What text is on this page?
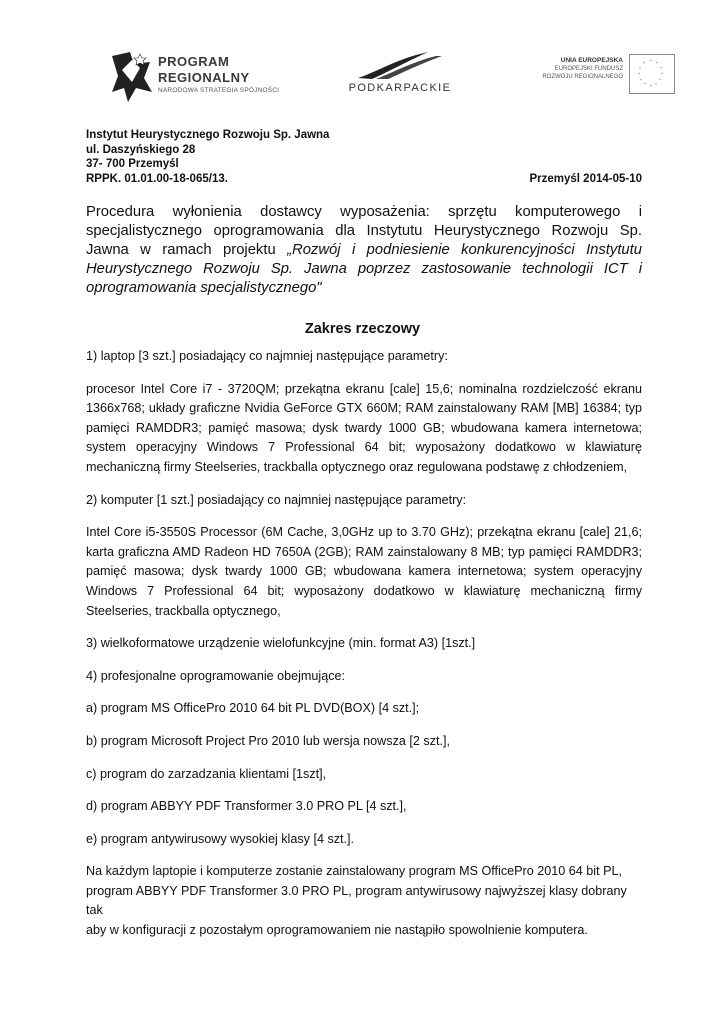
PROGRAM
REGIONALNY
NARODOWA STRATEGIA SPÓJNOŚCI	PODKARPACKIE
UNIA EUROPEJSKA
EUROPEJSKI FUNDUSZ
ROZWOJU REGIONALNEGO
* *
*
*
*
*
*
*
*
*
*
*
Instytut Heurystycznego Rozwoju Sp. Jawna
ul. Daszyńskiego 28
37- 700 Przemyśl
RPPK. 01.01.00-18-065/13.	Przemyśl 2014-05-10
Procedura wyłonienia dostawcy wyposażenia: sprzętu komputerowego i specjalistycznego oprogramowania dla Instytutu Heurystycznego Rozwoju Sp. Jawna w ramach projektu „Rozwój i podniesienie konkurencyjności Instytutu Heurystycznego Rozwoju Sp. Jawna poprzez zastosowanie technologii ICT i oprogramowania specjalistycznego"
Zakres rzeczowy

1) laptop [3 szt.] posiadający co najmniej następujące parametry:

procesor Intel Core i7 - 3720QM; przekątna ekranu [cale] 15,6; nominalna rozdzielczość ekranu 1366x768; układy graficzne Nvidia GeForce GTX 660M; RAM zainstalowany RAM [MB] 16384; typ pamięci RAMDDR3; pamięć masowa; dysk twardy 1000 GB; wbudowana kamera internetowa; system operacyjny Windows 7 Professional 64 bit; wyposażony dodatkowo w klawiaturę mechaniczną firmy Steelseries, trackballa optycznego oraz regulowana podstawę z chłodzeniem,

2) komputer [1 szt.] posiadający co najmniej następujące parametry:

Intel Core i5-3550S Processor (6M Cache, 3,0GHz up to 3.70 GHz); przekątna ekranu [cale] 21,6; karta graficzna AMD Radeon HD 7650A (2GB); RAM zainstalowany 8 MB; typ pamięci RAMDDR3; pamięć masowa; dysk twardy 1000 GB; wbudowana kamera internetowa; system operacyjny Windows 7 Professional 64 bit; wyposażony dodatkowo w klawiaturę mechaniczną firmy Steelseries, trackballa optycznego,

3) wielkoformatowe urządzenie wielofunkcyjne (min. format A3) [1szt.]

4) profesjonalne oprogramowanie obejmujące:

a) program MS OfficePro 2010 64 bit PL DVD(BOX) [4 szt.];

b) program Microsoft Project Pro 2010 lub wersja nowsza [2 szt.],

c) program do zarzadzania klientami [1szt],

d) program ABBYY PDF Transformer 3.0 PRO PL [4 szt.],

e) program antywirusowy wysokiej klasy [4 szt.].

Na każdym laptopie i komputerze zostanie zainstalowany program MS OfficePro 2010 64 bit PL,

program ABBYY PDF Transformer 3.0 PRO PL, program antywirusowy najwyższej klasy dobrany tak

aby w konfiguracji z pozostałym oprogramowaniem nie nastąpiło spowolnienie komputera.
